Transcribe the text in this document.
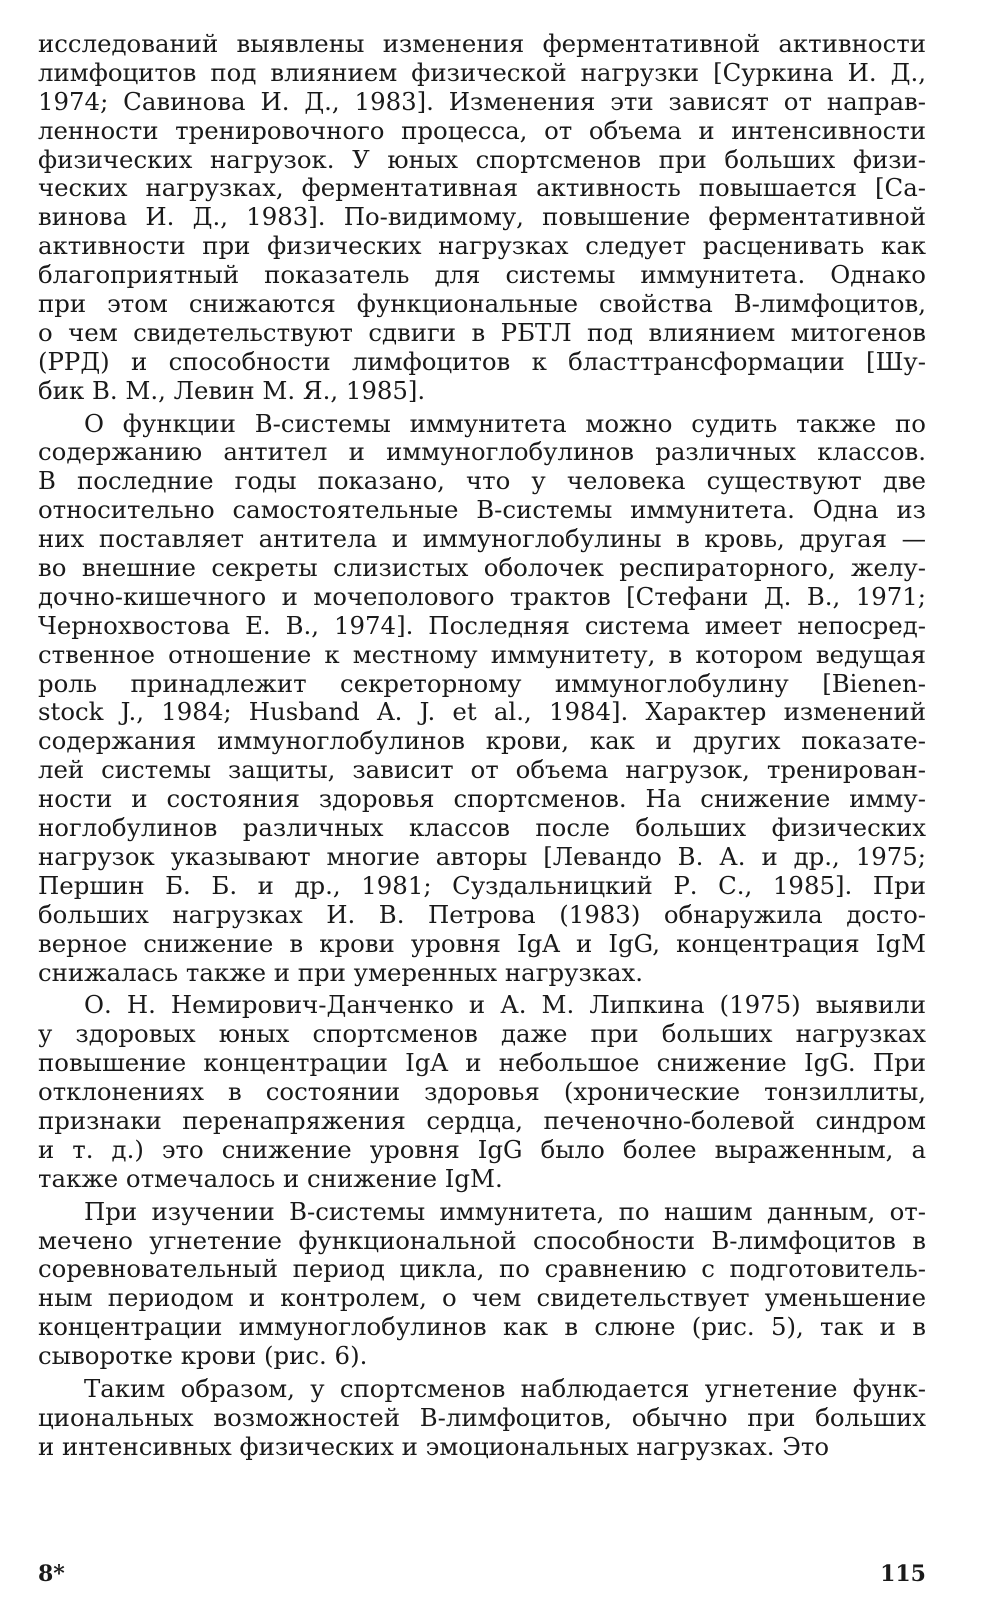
исследований выявлены изменения ферментативной активности
лимфоцитов под влиянием физической нагрузки [Суркина И. Д.,
1974; Савинова И. Д., 1983]. Изменения эти зависят от направ-
ленности тренировочного процесса, от объема и интенсивности
физических нагрузок. У юных спортсменов при больших физи-
ческих нагрузках, ферментативная активность повышается [Са-
винова И. Д., 1983]. По-видимому, повышение ферментативной
активности при физических нагрузках следует расценивать как
благоприятный показатель для системы иммунитета. Однако
при этом снижаются функциональные свойства В-лимфоцитов,
о чем свидетельствуют сдвиги в РБТЛ под влиянием митогенов
(РРД) и способности лимфоцитов к бласттрансформации [Шу-
бик В. М., Левин М. Я., 1985].
О функции В-системы иммунитета можно судить также по
содержанию антител и иммуноглобулинов различных классов.
В последние годы показано, что у человека существуют две
относительно самостоятельные В-системы иммунитета. Одна из
них поставляет антитела и иммуноглобулины в кровь, другая —
во внешние секреты слизистых оболочек респираторного, желу-
дочно-кишечного и мочеполового трактов [Стефани Д. В., 1971;
Чернохвостова Е. В., 1974]. Последняя система имеет непосред-
ственное отношение к местному иммунитету, в котором ведущая
роль принадлежит секреторному иммуноглобулину [Bienen-
stock J., 1984; Husband A. J. et al., 1984]. Характер изменений
содержания иммуноглобулинов крови, как и других показате-
лей системы защиты, зависит от объема нагрузок, тренирован-
ности и состояния здоровья спортсменов. На снижение имму-
ноглобулинов различных классов после больших физических
нагрузок указывают многие авторы [Левандо В. А. и др., 1975;
Першин Б. Б. и др., 1981; Суздальницкий Р. С., 1985]. При
больших нагрузках И. В. Петрова (1983) обнаружила досто-
верное снижение в крови уровня IgA и IgG, концентрация IgM
снижалась также и при умеренных нагрузках.
О. Н. Немирович-Данченко и А. М. Липкина (1975) выявили
у здоровых юных спортсменов даже при больших нагрузках
повышение концентрации IgA и небольшое снижение IgG. При
отклонениях в состоянии здоровья (хронические тонзиллиты,
признаки перенапряжения сердца, печеночно-болевой синдром
и т. д.) это снижение уровня IgG было более выраженным, а
также отмечалось и снижение IgM.
При изучении В-системы иммунитета, по нашим данным, от-
мечено угнетение функциональной способности В-лимфоцитов в
соревновательный период цикла, по сравнению с подготовитель-
ным периодом и контролем, о чем свидетельствует уменьшение
концентрации иммуноглобулинов как в слюне (рис. 5), так и в
сыворотке крови (рис. 6).
Таким образом, у спортсменов наблюдается угнетение функ-
циональных возможностей В-лимфоцитов, обычно при больших
и интенсивных физических и эмоциональных нагрузках. Это
8*	115
